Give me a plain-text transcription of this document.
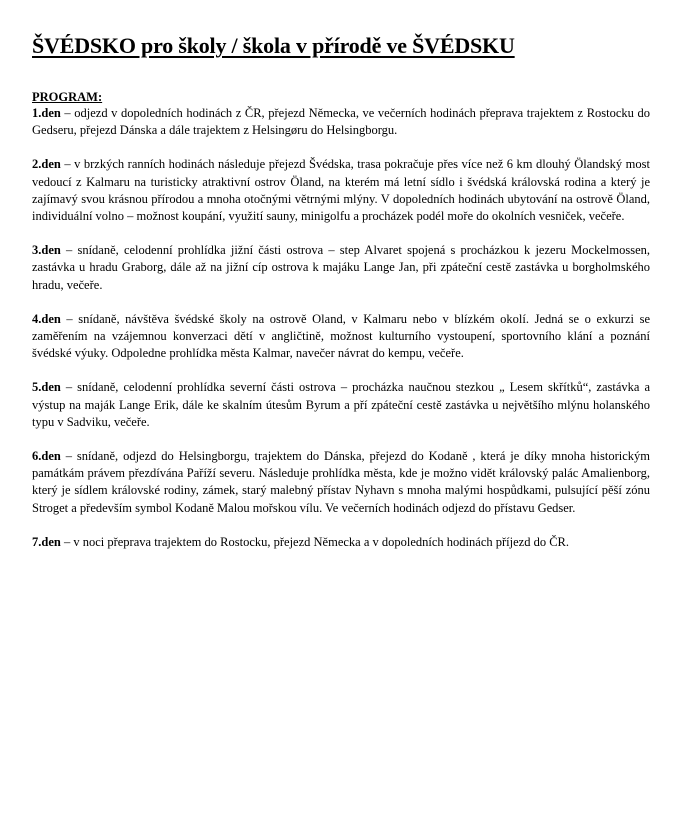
ŠVÉDSKO pro školy / škola v přírodě ve ŠVÉDSKU
PROGRAM:

1.den – odjezd v dopoledních hodinách z ČR, přejezd Německa, ve večerních hodinách přeprava trajektem z Rostocku do Gedseru, přejezd Dánska a dále trajektem z Helsingøru do Helsingborgu.

2.den – v brzkých ranních hodinách následuje přejezd Švédska, trasa pokračuje přes více než 6 km dlouhý Ölandský most vedoucí z Kalmaru na turisticky atraktivní ostrov Öland, na kterém má letní sídlo i švédská královská rodina a který je zajímavý svou krásnou přírodou a mnoha otočnými větrnými mlýny. V dopoledních hodinách ubytování na ostrově Öland, individuální volno – možnost koupání, využití sauny, minigolfu a procházek podél moře do okolních vesniček, večeře.

3.den – snídaně, celodenní prohlídka jižní části ostrova – step Alvaret spojená s procházkou k jezeru Mockelmossen, zastávka u hradu Graborg, dále až na jižní cíp ostrova k majáku Lange Jan, při zpáteční cestě zastávka u borgholmského hradu, večeře.

4.den – snídaně, návštěva švédské školy na ostrově Oland, v Kalmaru nebo v blízkém okolí. Jedná se o exkurzi se zaměřením na vzájemnou konverzaci dětí v angličtině, možnost kulturního vystoupení, sportovního klání a poznání švédské výuky. Odpoledne prohlídka města Kalmar, navečer návrat do kempu, večeře.

5.den – snídaně, celodenní prohlídka severní části ostrova – procházka naučnou stezkou „ Lesem skřítků“, zastávka a výstup na maják Lange Erik, dále ke skalním útesům Byrum a pří zpáteční cestě zastávka u největšího mlýnu holanského typu v Sadviku, večeře.

6.den – snídaně, odjezd do Helsingborgu, trajektem do Dánska, přejezd do Kodaně , která je díky mnoha historickým památkám právem přezdívána Paříží severu. Následuje prohlídka města, kde je možno vidět královský palác Amalienborg, který je sídlem královské rodiny, zámek, starý malebný přístav Nyhavn s mnoha malými hospůdkami, pulsující pěší zónu Stroget a především symbol Kodaně Malou mořskou vílu. Ve večerních hodinách odjezd do přístavu Gedser.

7.den – v noci přeprava trajektem do Rostocku, přejezd Německa a v dopoledních hodinách příjezd do ČR.
